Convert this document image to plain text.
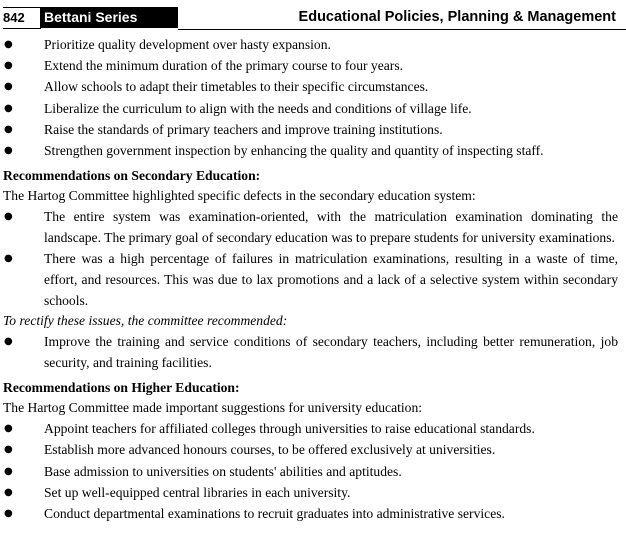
842	Bettani Series	Educational Policies, Planning & Management
● Prioritize quality development over hasty expansion.
● Extend the minimum duration of the primary course to four years.
● Allow schools to adapt their timetables to their specific circumstances.
● Liberalize the curriculum to align with the needs and conditions of village life.
● Raise the standards of primary teachers and improve training institutions.
● Strengthen government inspection by enhancing the quality and quantity of inspecting staff.
Recommendations on Secondary Education:
The Hartog Committee highlighted specific defects in the secondary education system:
● The entire system was examination-oriented, with the matriculation examination dominating the landscape. The primary goal of secondary education was to prepare students for university examinations.
● There was a high percentage of failures in matriculation examinations, resulting in a waste of time, effort, and resources. This was due to lax promotions and a lack of a selective system within secondary schools.
To rectify these issues, the committee recommended:
● Improve the training and service conditions of secondary teachers, including better remuneration, job security, and training facilities.
Recommendations on Higher Education:
The Hartog Committee made important suggestions for university education:
● Appoint teachers for affiliated colleges through universities to raise educational standards.
● Establish more advanced honours courses, to be offered exclusively at universities.
● Base admission to universities on students' abilities and aptitudes.
● Set up well-equipped central libraries in each university.
● Conduct departmental examinations to recruit graduates into administrative services.
